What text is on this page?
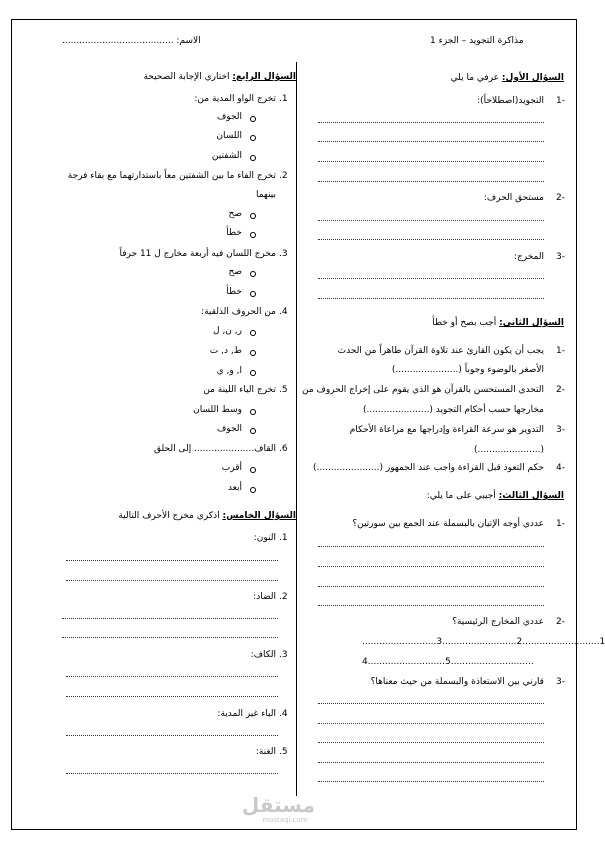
مذاكرة التجويد – الجزء 1
الاسم: .......................................
السؤال الأول: عرفي ما يلي
-1
التجويد(اصطلاحاً):
-2
مستحق الحرف:
-3
المخرج:
السؤال الثاني: أجب بصح أو خطأ
-1
يجب أن يكون القارئ عند تلاوة القرآن طاهراً من الحدث
الأصغر بالوضوء وجوباً (......................)
-2
التحدي المستحسن بالقرآن هو الذي يقوم على إخراج الحروف من
مخارجها حسب أحكام التجويد (......................)
-3
التدوير هو سرعة القراءة وإدراجها مع مراعاة الأحكام
(......................)
-4
حكم التعوذ قبل القراءة واجب عند الجمهور (......................)
السؤال الثالث: أجيبي على ما يلي:
-1
عددي أوجه الإتيان بالبسملة عند الجمع بين سورتين؟
-2
عددي المخارج الرئيسية؟
1...........................2..........................3..........................
.............................5...........................4
-3
قارني بين الاستعاذة والبسملة من حيث معناها؟
السؤال الرابع: اختاري الإجابة الصحيحة
1.
تخرج الواو المدية من:
الجوف
اللسان
الشفتين
2.
تخرج الفاء ما بين الشفتين معاً باستدارتهما مع بقاء فرجة
بينهما
صح
خطأ
3.
مخرج اللسان فيه أربعة مخارج ل 11 حرفاً
صح
خطأ
4.
من الحروف الذلقية:
ر, ن, ل
ط, د, ت
ا, و, ي
5.
تخرج الياء اللينة من
وسط اللسان
الجوف
6.
القاف..................... إلى الحلق
أقرب
أبعد
السؤال الخامس: اذكري مخرج الأحرف التالية
1.
النون:
2.
الضاد:
3.
الكاف:
4.
الياء غير المدية:
5.
الغنة:
مستقل
mostaql.com
